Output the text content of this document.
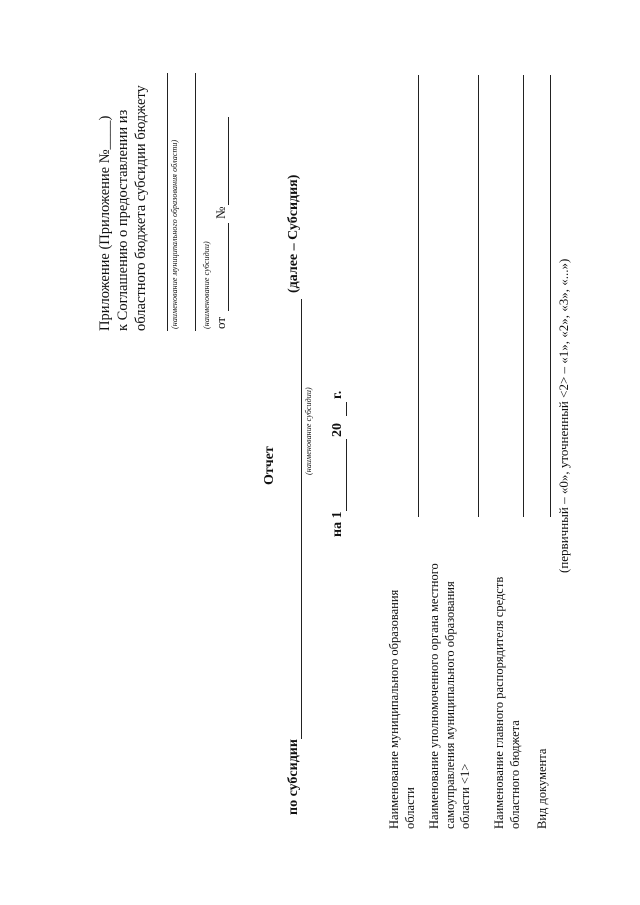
Приложение (Приложение №____) к Соглашению о предоставлении из областного бюджета субсидии бюджету	(наименование муниципального образования области)	(наименование субсидии) от
№
Отчет
по субсидии
(наименование субсидии)
(далее – Субсидия)
на 1
20
г.
Наименование муниципального образования области Наименование уполномоченного органа местного самоуправления муниципального образования области <1> Наименование главного распорядителя средств областного бюджета Вид документа
(первичный – «0», уточненный <2> – «1», «2», «3», «...»)
